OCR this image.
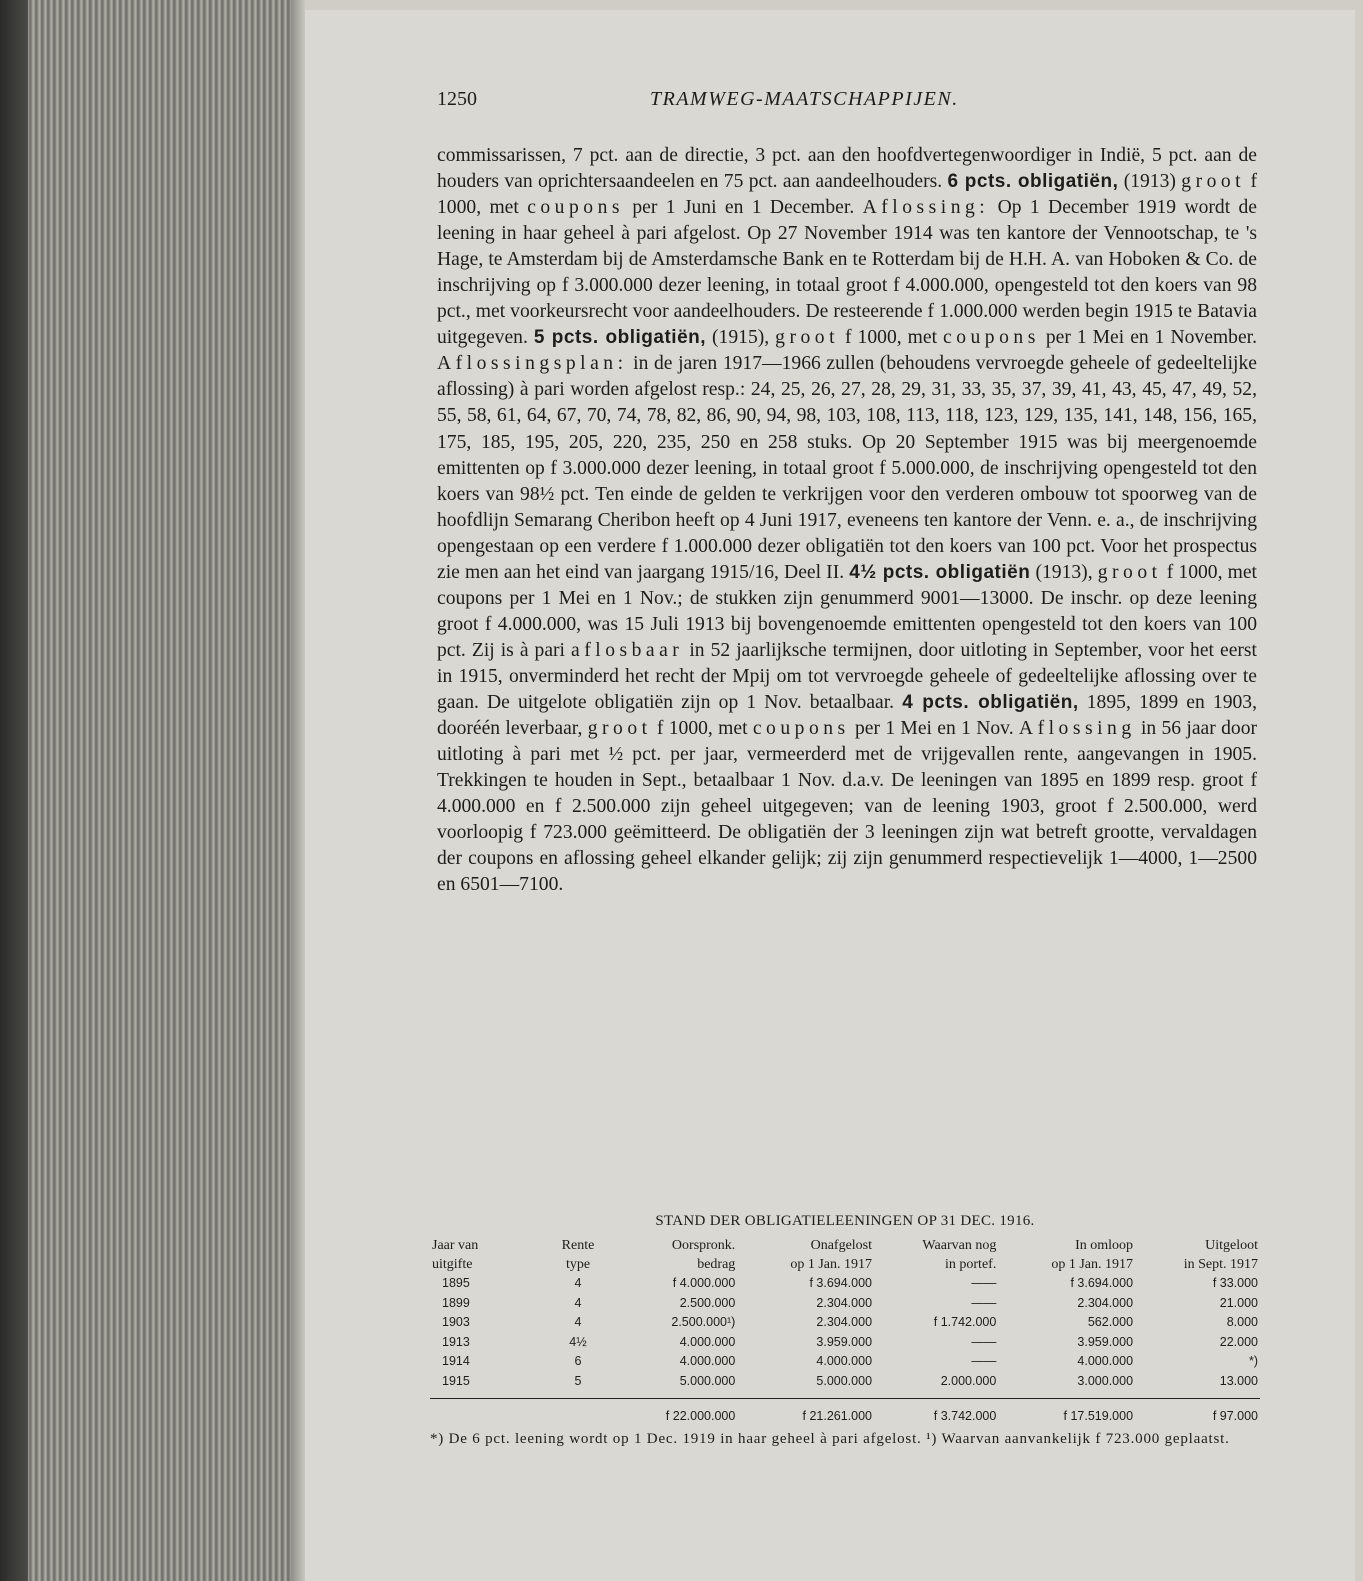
1250	TRAMWEG-MAATSCHAPPIJEN.
commissarissen, 7 pct. aan de directie, 3 pct. aan den hoofdvertegenwoordiger in Indië, 5 pct. aan de houders van oprichtersaandeelen en 75 pct. aan aandeelhouders. 6 pcts. obligatiën, (1913) groot f 1000, met coupons per 1 Juni en 1 December. Aflossing: Op 1 December 1919 wordt de leening in haar geheel à pari afgelost. Op 27 November 1914 was ten kantore der Vennootschap, te 's Hage, te Amsterdam bij de Amsterdamsche Bank en te Rotterdam bij de H.H. A. van Hoboken & Co. de inschrijving op f 3.000.000 dezer leening, in totaal groot f 4.000.000, opengesteld tot den koers van 98 pct., met voorkeursrecht voor aandeelhouders. De resteerende f 1.000.000 werden begin 1915 te Batavia uitgegeven. 5 pcts. obligatiën, (1915), groot f 1000, met coupons per 1 Mei en 1 November. Aflossingsplan: in de jaren 1917—1966 zullen (behoudens vervroegde geheele of gedeeltelijke aflossing) à pari worden afgelost resp.: 24, 25, 26, 27, 28, 29, 31, 33, 35, 37, 39, 41, 43, 45, 47, 49, 52, 55, 58, 61, 64, 67, 70, 74, 78, 82, 86, 90, 94, 98, 103, 108, 113, 118, 123, 129, 135, 141, 148, 156, 165, 175, 185, 195, 205, 220, 235, 250 en 258 stuks. Op 20 September 1915 was bij meergenoemde emittenten op f 3.000.000 dezer leening, in totaal groot f 5.000.000, de inschrijving opengesteld tot den koers van 98½ pct. Ten einde de gelden te verkrijgen voor den verderen ombouw tot spoorweg van de hoofdlijn Semarang Cheribon heeft op 4 Juni 1917, eveneens ten kantore der Venn. e. a., de inschrijving opengestaan op een verdere f 1.000.000 dezer obligatiën tot den koers van 100 pct. Voor het prospectus zie men aan het eind van jaargang 1915/16, Deel II. 4½ pcts. obligatiën (1913), groot f 1000, met coupons per 1 Mei en 1 Nov.; de stukken zijn genummerd 9001—13000. De inschr. op deze leening groot f 4.000.000, was 15 Juli 1913 bij bovengenoemde emittenten opengesteld tot den koers van 100 pct. Zij is à pari aflosbaar in 52 jaarlijksche termijnen, door uitloting in September, voor het eerst in 1915, onverminderd het recht der Mpij om tot vervroegde geheele of gedeeltelijke aflossing over te gaan. De uitgelote obligatiën zijn op 1 Nov. betaalbaar. 4 pcts. obligatiën, 1895, 1899 en 1903, dooréén leverbaar, groot f 1000, met coupons per 1 Mei en 1 Nov. Aflossing in 56 jaar door uitloting à pari met ½ pct. per jaar, vermeerderd met de vrijgevallen rente, aangevangen in 1905. Trekkingen te houden in Sept., betaalbaar 1 Nov. d.a.v. De leeningen van 1895 en 1899 resp. groot f 4.000.000 en f 2.500.000 zijn geheel uitgegeven; van de leening 1903, groot f 2.500.000, werd voorloopig f 723.000 geëmitteerd. De obligatiën der 3 leeningen zijn wat betreft grootte, vervaldagen der coupons en aflossing geheel elkander gelijk; zij zijn genummerd respectievelijk 1—4000, 1—2500 en 6501—7100.
STAND DER OBLIGATIELEENINGEN OP 31 DEC. 1916.
Jaar van	Rente	Oorspronk.	Onafgelost	Waarvan nog	In omloop	Uitgeloot
uitgifte	type	bedrag	op 1 Jan. 1917	in portef.	op 1 Jan. 1917	in Sept. 1917
1895	4	f 4.000.000	f 3.694.000	——	f 3.694.000	f 33.000
1899	4	2.500.000	2.304.000	——	2.304.000	21.000
1903	4	2.500.000¹)	2.304.000	f 1.742.000	562.000	8.000
1913	4½	4.000.000	3.959.000	——	3.959.000	22.000
1914	6	4.000.000	4.000.000	——	4.000.000	*)
1915	5	5.000.000	5.000.000	2.000.000	3.000.000	13.000

		f 22.000.000	f 21.261.000	f 3.742.000	f 17.519.000	f 97.000
*) De 6 pct. leening wordt op 1 Dec. 1919 in haar geheel à pari afgelost. ¹) Waarvan aanvankelijk f 723.000 geplaatst.
